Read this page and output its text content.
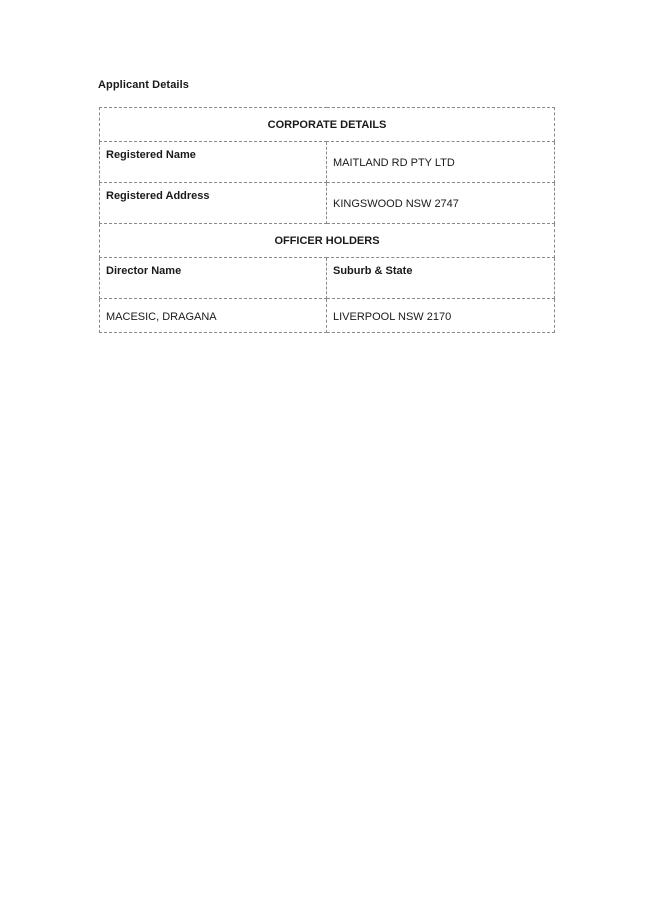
Applicant Details
CORPORATE DETAILS	
Registered Name	MAITLAND RD PTY LTD
Registered Address	KINGSWOOD NSW 2747
OFFICER HOLDERS	
Director Name	Suburb & State
MACESIC, DRAGANA	LIVERPOOL NSW 2170
